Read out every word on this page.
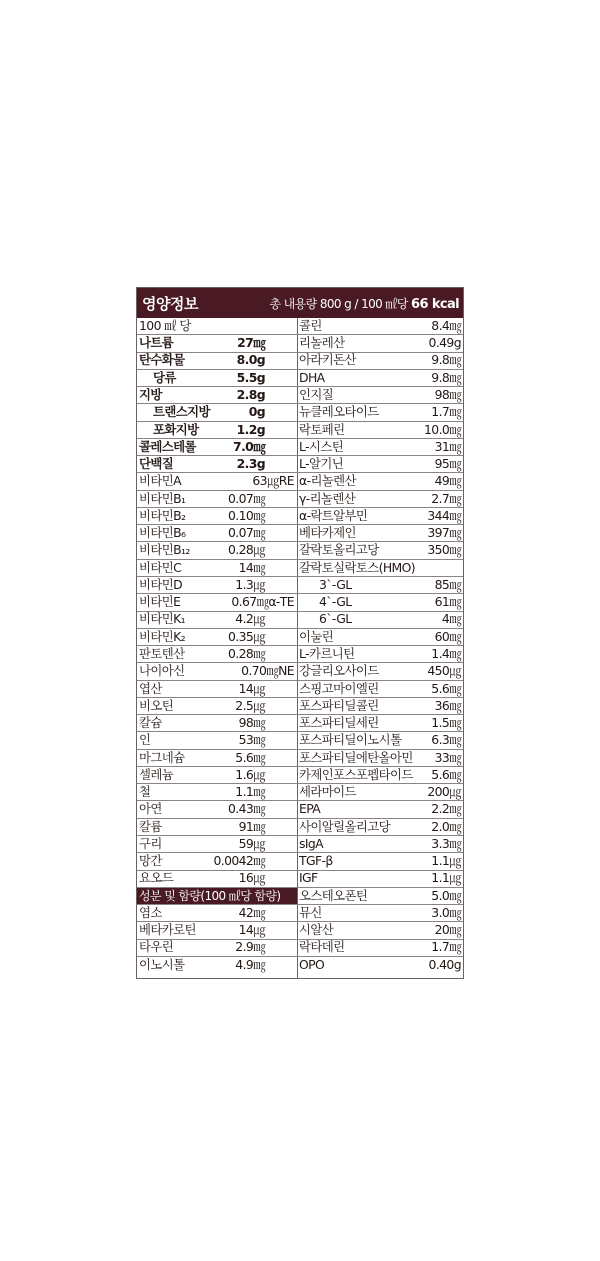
영양정보	총 내용량 800 g / 100 ㎖당 66 kcal
100 ㎖ 당
나트륨	27㎎
탄수화물	8.0g
당류	5.5g
지방	2.8g
트랜스지방	0g
포화지방	1.2g
콜레스테롤	7.0㎎
단백질	2.3g
비타민A	63㎍RE
비타민B₁	0.07㎎
비타민B₂	0.10㎎
비타민B₆	0.07㎎
비타민B₁₂	0.28㎍
비타민C	14㎎
비타민D	1.3㎍
비타민E	0.67㎎α-TE
비타민K₁	4.2㎍
비타민K₂	0.35㎍
판토텐산	0.28㎎
나이아신	0.70㎎NE
엽산	14㎍
비오틴	2.5㎍
칼슘	98㎎
인	53㎎
마그네슘	5.6㎎
셀레늄	1.6㎍
철	1.1㎎
아연	0.43㎎
칼륨	91㎎
구리	59㎍
망간	0.0042㎎
요오드	16㎍
성분 및 함량(100 ㎖당 함량)
염소	42㎎
베타카로틴	14㎍
타우린	2.9㎎
이노시톨	4.9㎎
콜린	8.4㎎
리놀레산	0.49g
아라키돈산	9.8㎎
DHA	9.8㎎
인지질	98㎎
뉴클레오타이드	1.7㎎
락토페린	10.0㎎
L-시스틴	31㎎
L-알기닌	95㎎
α-리놀렌산	49㎎
γ-리놀렌산	2.7㎎
α-락트알부민	344㎎
베타카제인	397㎎
갈락토올리고당	350㎎
갈락토실락토스(HMO)
3`-GL	85㎎
4`-GL	61㎎
6`-GL	4㎎
이눌린	60㎎
L-카르니틴	1.4㎎
강글리오사이드	450㎍
스핑고마이엘린	5.6㎎
포스파티딜콜린	36㎎
포스파티딜세린	1.5㎎
포스파티딜이노시톨 6.3㎎
포스파티딜에탄올아민 33㎎
카제인포스포펩타이드 5.6㎎
세라마이드	200㎍
EPA	2.2㎎
사이알릴올리고당	2.0㎎
sIgA	3.3㎎
TGF-β	1.1㎍
IGF	1.1㎍
오스테오폰틴	5.0㎎
뮤신	3.0㎎
시알산	20㎎
락타데린	1.7㎎
OPO	0.40g
